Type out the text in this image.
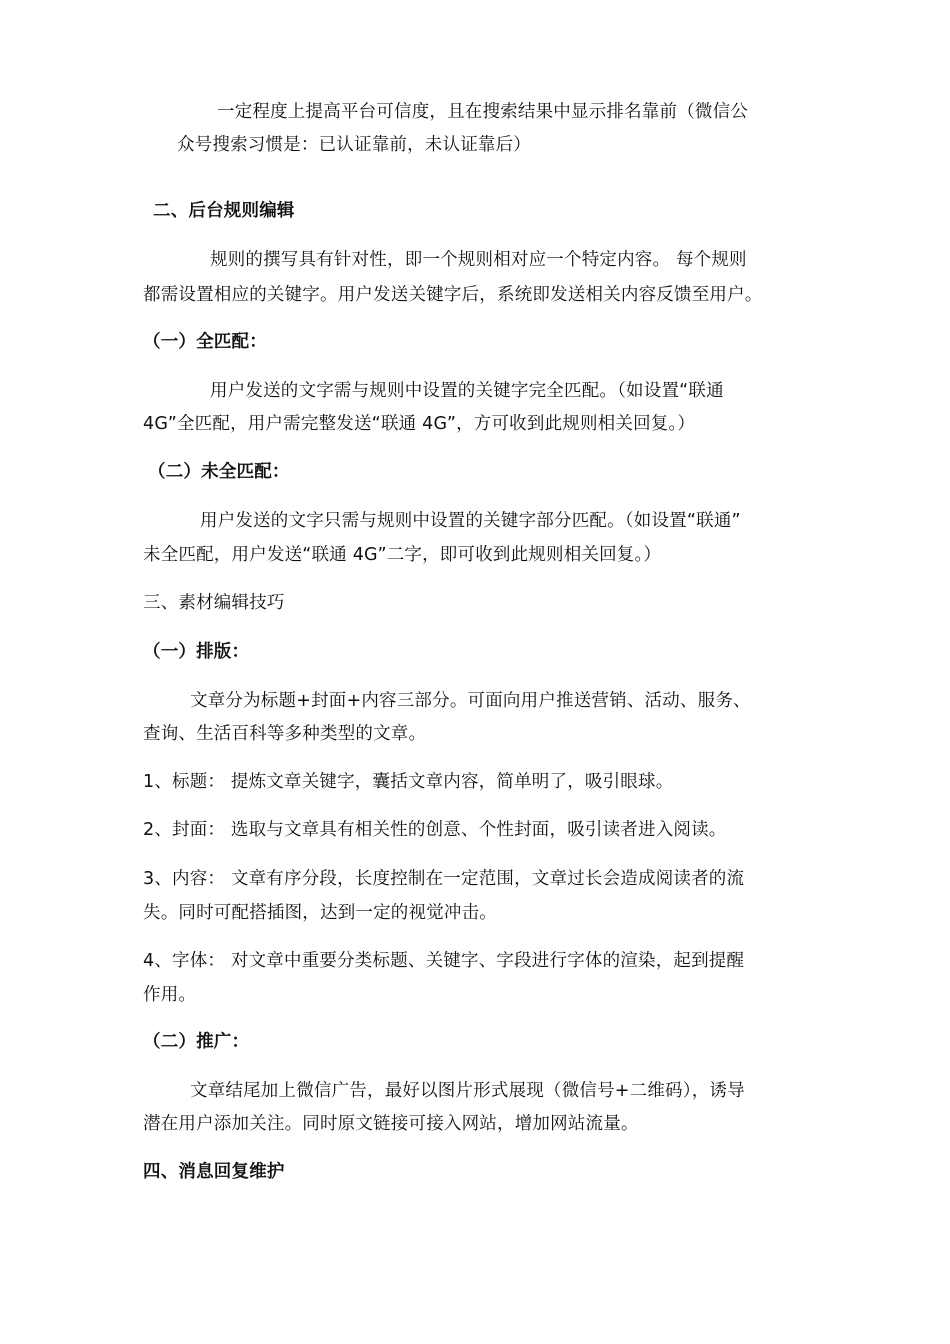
一定程度上提高平台可信度，且在搜索结果中显示排名靠前（微信公
众号搜索习惯是：已认证靠前，未认证靠后）
二、后台规则编辑
规则的撰写具有针对性，即一个规则相对应一个特定内容。 每个规则
都需设置相应的关键字。用户发送关键字后，系统即发送相关内容反馈至用户。
（一）全匹配：
用户发送的文字需与规则中设置的关键字完全匹配。（如设置“联通
4G”全匹配，用户需完整发送“联通 4G”，方可收到此规则相关回复。）
（二）未全匹配：
用户发送的文字只需与规则中设置的关键字部分匹配。（如设置“联通”
未全匹配，用户发送“联通 4G”二字，即可收到此规则相关回复。）
三、素材编辑技巧
（一）排版：
文章分为标题+封面+内容三部分。可面向用户推送营销、活动、服务、
查询、生活百科等多种类型的文章。
1、标题： 提炼文章关键字，囊括文章内容，简单明了，吸引眼球。
2、封面： 选取与文章具有相关性的创意、个性封面，吸引读者进入阅读。
3、内容： 文章有序分段，长度控制在一定范围，文章过长会造成阅读者的流
失。同时可配搭插图，达到一定的视觉冲击。
4、字体： 对文章中重要分类标题、关键字、字段进行字体的渲染，起到提醒
作用。
（二）推广：
文章结尾加上微信广告，最好以图片形式展现（微信号+二维码），诱导
潜在用户添加关注。同时原文链接可接入网站，增加网站流量。
四、消息回复维护
